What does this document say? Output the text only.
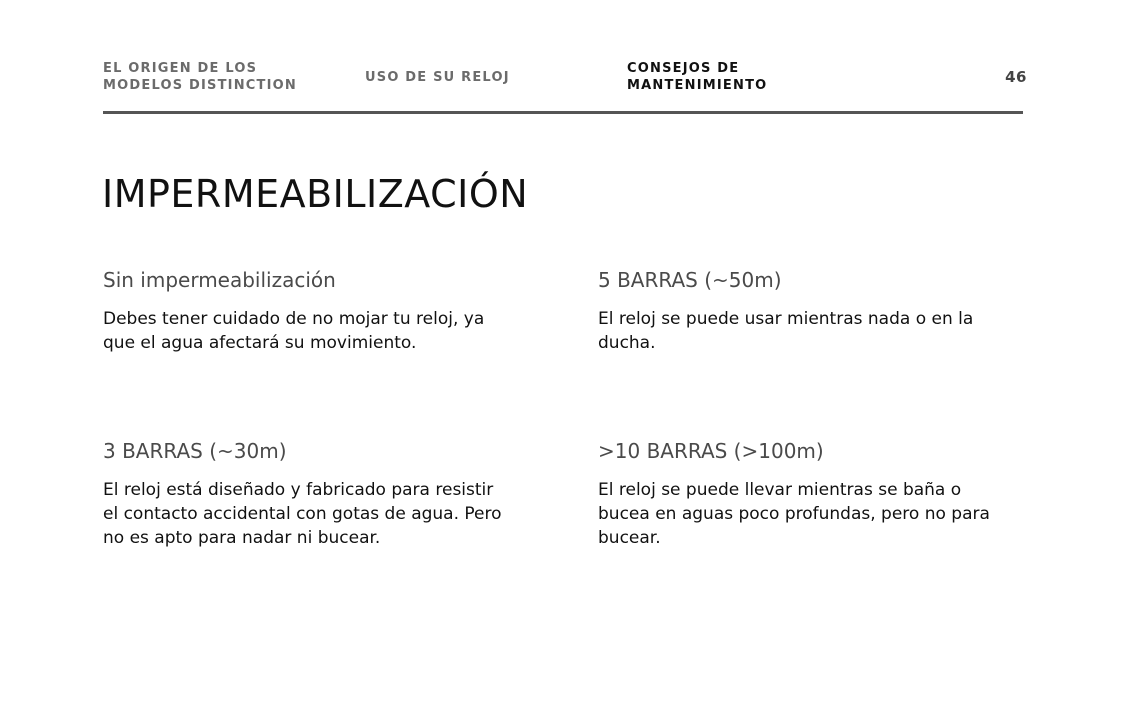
EL ORIGEN DE LOS MODELOS DISTINCTION
USO DE SU RELOJ
CONSEJOS DE MANTENIMIENTO	46
IMPERMEABILIZACIÓN
Sin impermeabilización

Debes tener cuidado de no mojar tu reloj, ya que el agua afectará su movimiento.

5 BARRAS (~50m)

El reloj se puede usar mientras nada o en la ducha.

3 BARRAS (~30m)

El reloj está diseñado y fabricado para resistir el contacto accidental con gotas de agua. Pero no es apto para nadar ni bucear.

>10 BARRAS (>100m)

El reloj se puede llevar mientras se baña o bucea en aguas poco profundas, pero no para bucear.
